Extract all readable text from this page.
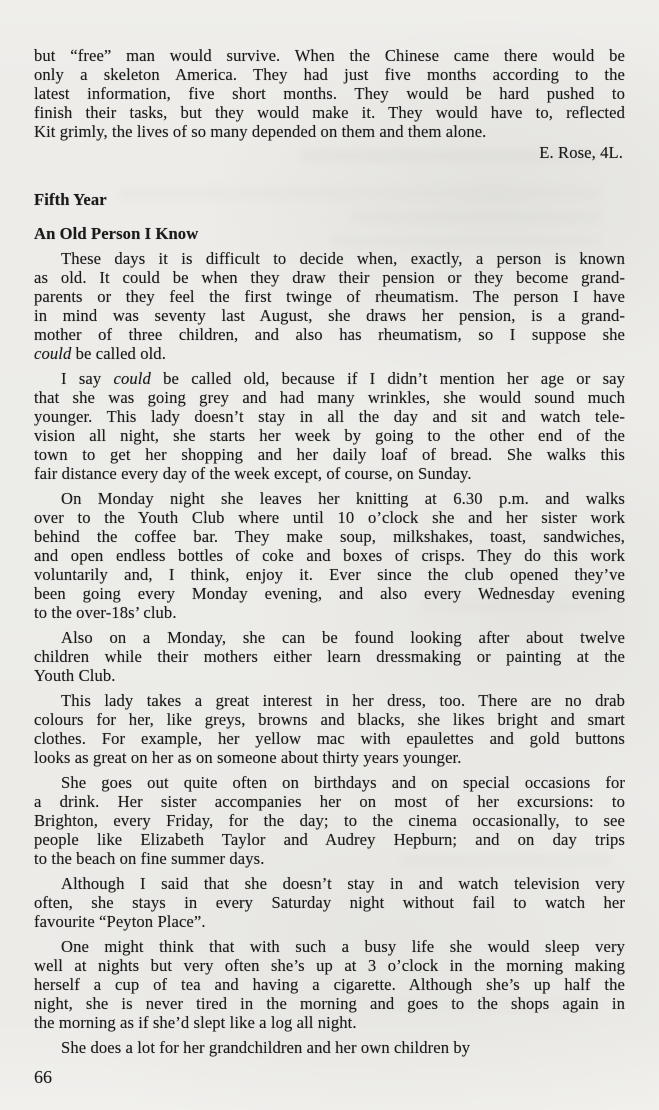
but “free” man would survive. When the Chinese came there would be
only a skeleton America. They had just five months according to the
latest information, five short months. They would be hard pushed to
finish their tasks, but they would make it. They would have to, reflected
Kit grimly, the lives of so many depended on them and them alone.
E. Rose, 4L.
Fifth Year
An Old Person I Know
These days it is difficult to decide when, exactly, a person is known
as old. It could be when they draw their pension or they become grand-
parents or they feel the first twinge of rheumatism. The person I have
in mind was seventy last August, she draws her pension, is a grand-
mother of three children, and also has rheumatism, so I suppose she
could be called old.
I say could be called old, because if I didn’t mention her age or say
that she was going grey and had many wrinkles, she would sound much
younger. This lady doesn’t stay in all the day and sit and watch tele-
vision all night, she starts her week by going to the other end of the
town to get her shopping and her daily loaf of bread. She walks this
fair distance every day of the week except, of course, on Sunday.
On Monday night she leaves her knitting at 6.30 p.m. and walks
over to the Youth Club where until 10 o’clock she and her sister work
behind the coffee bar. They make soup, milkshakes, toast, sandwiches,
and open endless bottles of coke and boxes of crisps. They do this work
voluntarily and, I think, enjoy it. Ever since the club opened they’ve
been going every Monday evening, and also every Wednesday evening
to the over-18s’ club.
Also on a Monday, she can be found looking after about twelve
children while their mothers either learn dressmaking or painting at the
Youth Club.
This lady takes a great interest in her dress, too. There are no drab
colours for her, like greys, browns and blacks, she likes bright and smart
clothes. For example, her yellow mac with epaulettes and gold buttons
looks as great on her as on someone about thirty years younger.
She goes out quite often on birthdays and on special occasions for
a drink. Her sister accompanies her on most of her excursions: to
Brighton, every Friday, for the day; to the cinema occasionally, to see
people like Elizabeth Taylor and Audrey Hepburn; and on day trips
to the beach on fine summer days.
Although I said that she doesn’t stay in and watch television very
often, she stays in every Saturday night without fail to watch her
favourite “Peyton Place”.
One might think that with such a busy life she would sleep very
well at nights but very often she’s up at 3 o’clock in the morning making
herself a cup of tea and having a cigarette. Although she’s up half the
night, she is never tired in the morning and goes to the shops again in
the morning as if she’d slept like a log all night.
She does a lot for her grandchildren and her own children by
66
